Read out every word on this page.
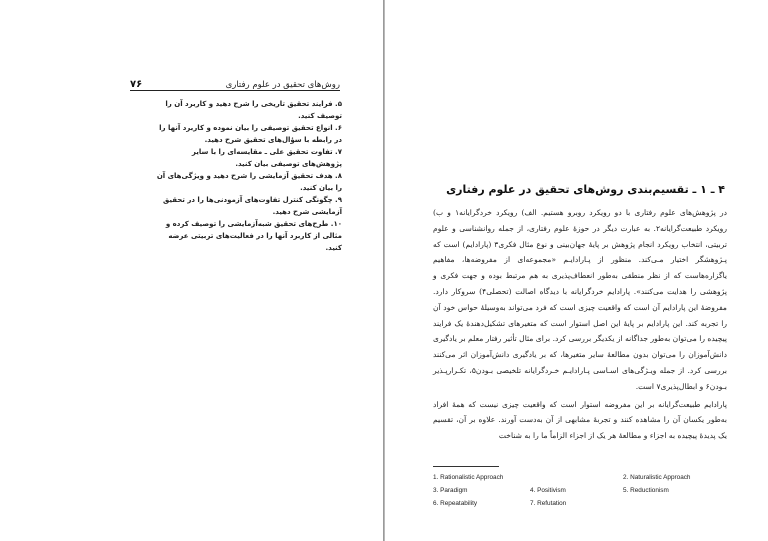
روش‌های تحقیق در علوم رفتاری
۷۶

۵. فرایند تحقیق تاریخی را شرح دهید و کاربرد آن را توصیف کنید.

۶. انواع تحقیق توصیفی را بیان نموده و کاربرد آنها را در رابطه با سؤال‌های تحقیق شرح دهید.

۷. تفاوت تحقیق علی ـ مقایسه‌ای را با سایر پژوهش‌های توصیفی بیان کنید.

۸. هدف تحقیق آزمایشی را شرح دهید و ویژگی‌های آن را بیان کنید.

۹. چگونگی کنترل تفاوت‌های آزمودنی‌ها را در تحقیق آزمایشی شرح دهید.

۱۰. طرح‌های تحقیق شبه‌آزمایشی را توصیف کرده و مثالی از کاربرد آنها را در فعالیت‌های تربیتی عرضه کنید.

۴ ـ ۱ ـ تقسیم‌بندی روش‌های تحقیق در علوم رفتاری

در پژوهش‌های علوم رفتاری با دو رویکرد روبرو هستیم. الف) رویکرد خردگرایانه۱ و ب) رویکرد طبیعت‌گرایانه۲. به عبارت دیگر در حوزهٔ علوم رفتاری، از جمله روانشناسی و علوم تربیتی، انتخاب رویکرد انجام پژوهش بر پایهٔ جهان‌بینی و نوع مثال فکری۳ (پارادایم) است که پـژوهشگر اختیار مـی‌کند. منظور از پـارادایـم «مجموعه‌ای از مفروضه‌ها، مفاهیم یاگزاره‌هاست که از نظر منطقی به‌طور انعطاف‌پذیری به هم مرتبط بوده و جهت فکری و پژوهشی را هدایت می‌کنند». پارادایم خردگرایانه با دیدگاه اصالت (تحصلی۴) سروکار دارد. مفروضهٔ این پارادایم آن است که واقعیت چیزی است که فرد می‌تواند به‌وسیلهٔ حواس خود آن را تجربه کند. این پارادایم بر پایهٔ این اصل استوار است که متغیرهای تشکیل‌دهندهٔ یک فرایند پیچیده را می‌توان به‌طور جداگانه از یکدیگر بررسی کرد. برای مثال تأثیر رفتار معلم بر یادگیری دانش‌آموزان را می‌توان بدون مطالعهٔ سایر متغیرها، که بر یادگیری دانش‌آموزان اثر می‌کنند بررسی کرد. از جمله ویـژگی‌های اسـاسی پـارادایـم خـردگرایانه تلخیصی بـودن۵، تکـرارپـذیر بـودن۶ و ابطال‌پذیری۷ است.

پارادایم طبیعت‌گرایانه بر این مفروضه استوار است که واقعیت چیزی نیست که همهٔ افراد به‌طور یکسان آن را مشاهده کنند و تجربهٔ مشابهی از آن به‌دست آورند. علاوه بر آن، تقسیم یک پدیدهٔ پیچیده به اجزاء و مطالعهٔ هر یک از اجزاء الزاماً ما را به شناخت

1. Rationalistic Approach	2. Naturalistic Approach
3. Paradigm	4. Positivism	5. Reductionism
6. Repeatability	7. Refutation
